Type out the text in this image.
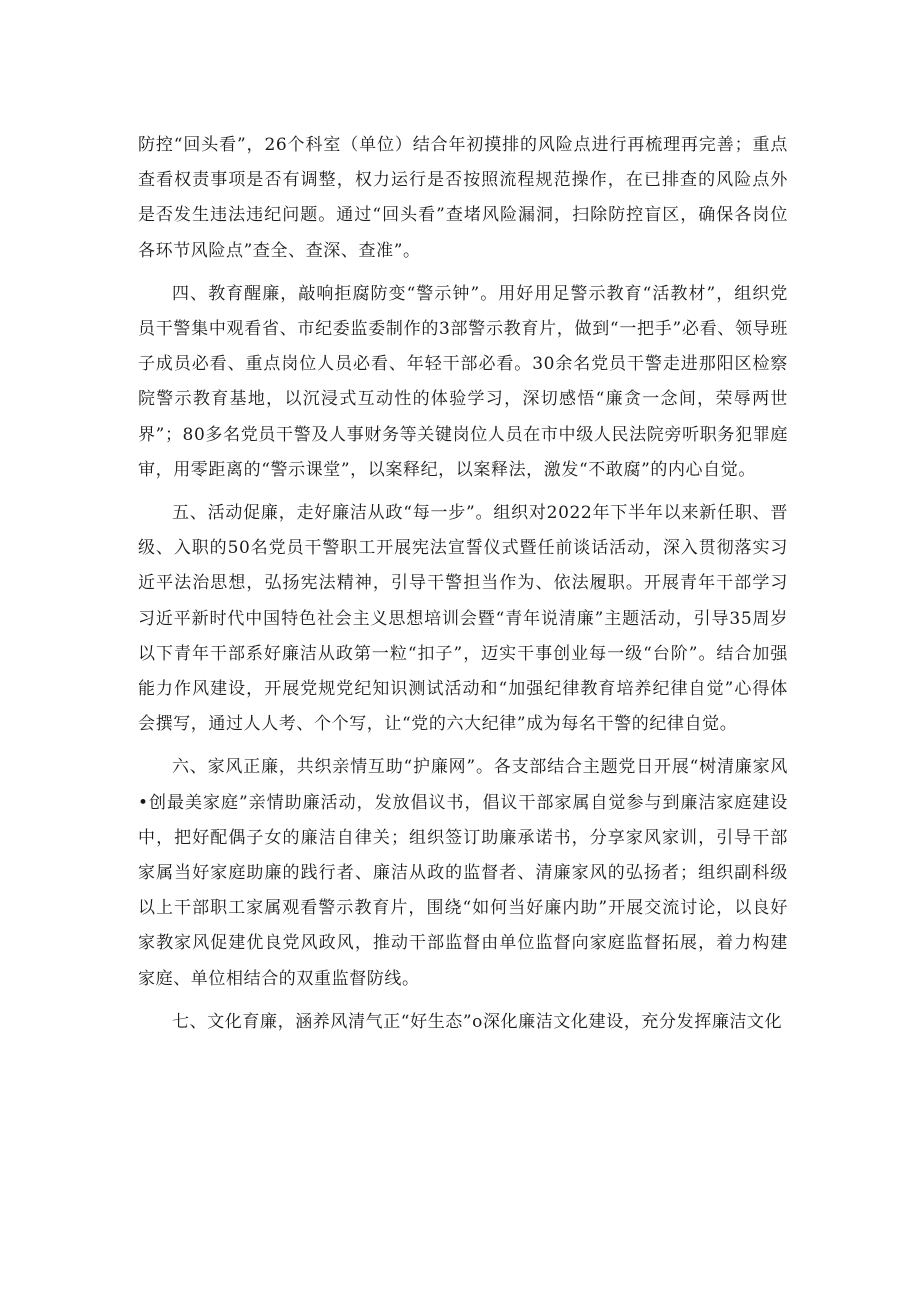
防控“回头看”，26个科室（单位）结合年初摸排的风险点进行再梳理再完善；重点查看权责事项是否有调整，权力运行是否按照流程规范操作，在已排查的风险点外是否发生违法违纪问题。通过“回头看”查堵风险漏洞，扫除防控盲区，确保各岗位各环节风险点”查全、查深、查准”。

四、教育醒廉，敲响拒腐防变“警示钟”。用好用足警示教育“活教材”，组织党员干警集中观看省、市纪委监委制作的3部警示教育片，做到“一把手”必看、领导班子成员必看、重点岗位人员必看、年轻干部必看。30余名党员干警走进那阳区检察院警示教育基地，以沉浸式互动性的体验学习，深切感悟“廉贪一念间，荣辱两世界”；80多名党员干警及人事财务等关键岗位人员在市中级人民法院旁听职务犯罪庭审，用零距离的“警示课堂”，以案释纪，以案释法，激发“不敢腐”的内心自觉。

五、活动促廉，走好廉洁从政“每一步”。组织对2022年下半年以来新任职、晋级、入职的50名党员干警职工开展宪法宣誓仪式暨任前谈话活动，深入贯彻落实习近平法治思想，弘扬宪法精神，引导干警担当作为、依法履职。开展青年干部学习习近平新时代中国特色社会主义思想培训会暨“青年说清廉”主题活动，引导35周岁以下青年干部系好廉洁从政第一粒“扣子”，迈实干事创业每一级“台阶”。结合加强能力作风建设，开展党规党纪知识测试活动和“加强纪律教育培养纪律自觉”心得体会撰写，通过人人考、个个写，让“党的六大纪律”成为每名干警的纪律自觉。

六、家风正廉，共织亲情互助“护廉网”。各支部结合主题党日开展“树清廉家风•创最美家庭”亲情助廉活动，发放倡议书，倡议干部家属自觉参与到廉洁家庭建设中，把好配偶子女的廉洁自律关；组织签订助廉承诺书，分享家风家训，引导干部家属当好家庭助廉的践行者、廉洁从政的监督者、清廉家风的弘扬者；组织副科级以上干部职工家属观看警示教育片，围绕“如何当好廉内助”开展交流讨论，以良好家教家风促建优良党风政风，推动干部监督由单位监督向家庭监督拓展，着力构建家庭、单位相结合的双重监督防线。

七、文化育廉，涵养风清气正“好生态”o深化廉洁文化建设，充分发挥廉洁文化
